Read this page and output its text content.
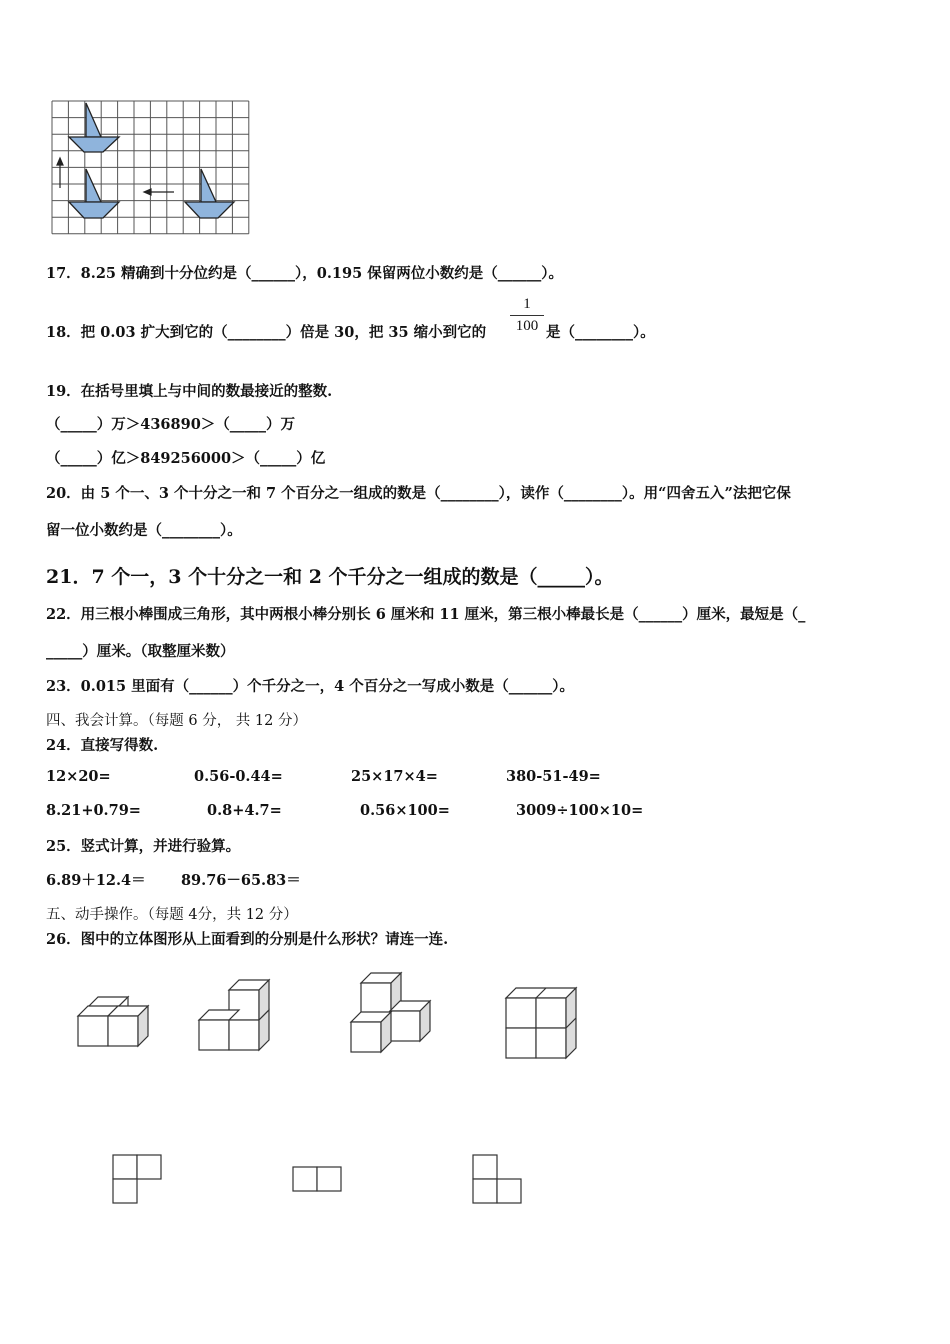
17．8.25 精确到十分位约是（______），0.195 保留两位小数约是（______）。
18．把 0.03 扩大到它的（________）倍是 30，把 35 缩小到它的
1
100 是（________）。
19．在括号里填上与中间的数最接近的整数.
（_____）万＞436890＞（_____）万
（_____）亿＞849256000＞（_____）亿
20．由 5 个一、3 个十分之一和 7 个百分之一组成的数是（________），读作（________）。用“四舍五入”法把它保
留一位小数约是（________）。
21．7 个一，3 个十分之一和 2 个千分之一组成的数是（_____）。
22．用三根小棒围成三角形，其中两根小棒分别长 6 厘米和 11 厘米，第三根小棒最长是（______）厘米，最短是（_
_____）厘米。（取整厘米数）
23．0.015 里面有（______）个千分之一，4 个百分之一写成小数是（______）。
四、我会计算。（每题 6 分， 共 12 分）
24．直接写得数.
12×20=	0.56-0.44=	25×17×4=	380-51-49=
8.21+0.79=	0.8+4.7=	0.56×100=	3009÷100×10=
25．竖式计算，并进行验算。
6.89＋12.4＝       89.76－65.83＝
五、动手操作。（每题 4分，共 12 分）
26．图中的立体图形从上面看到的分别是什么形状？请连一连.
